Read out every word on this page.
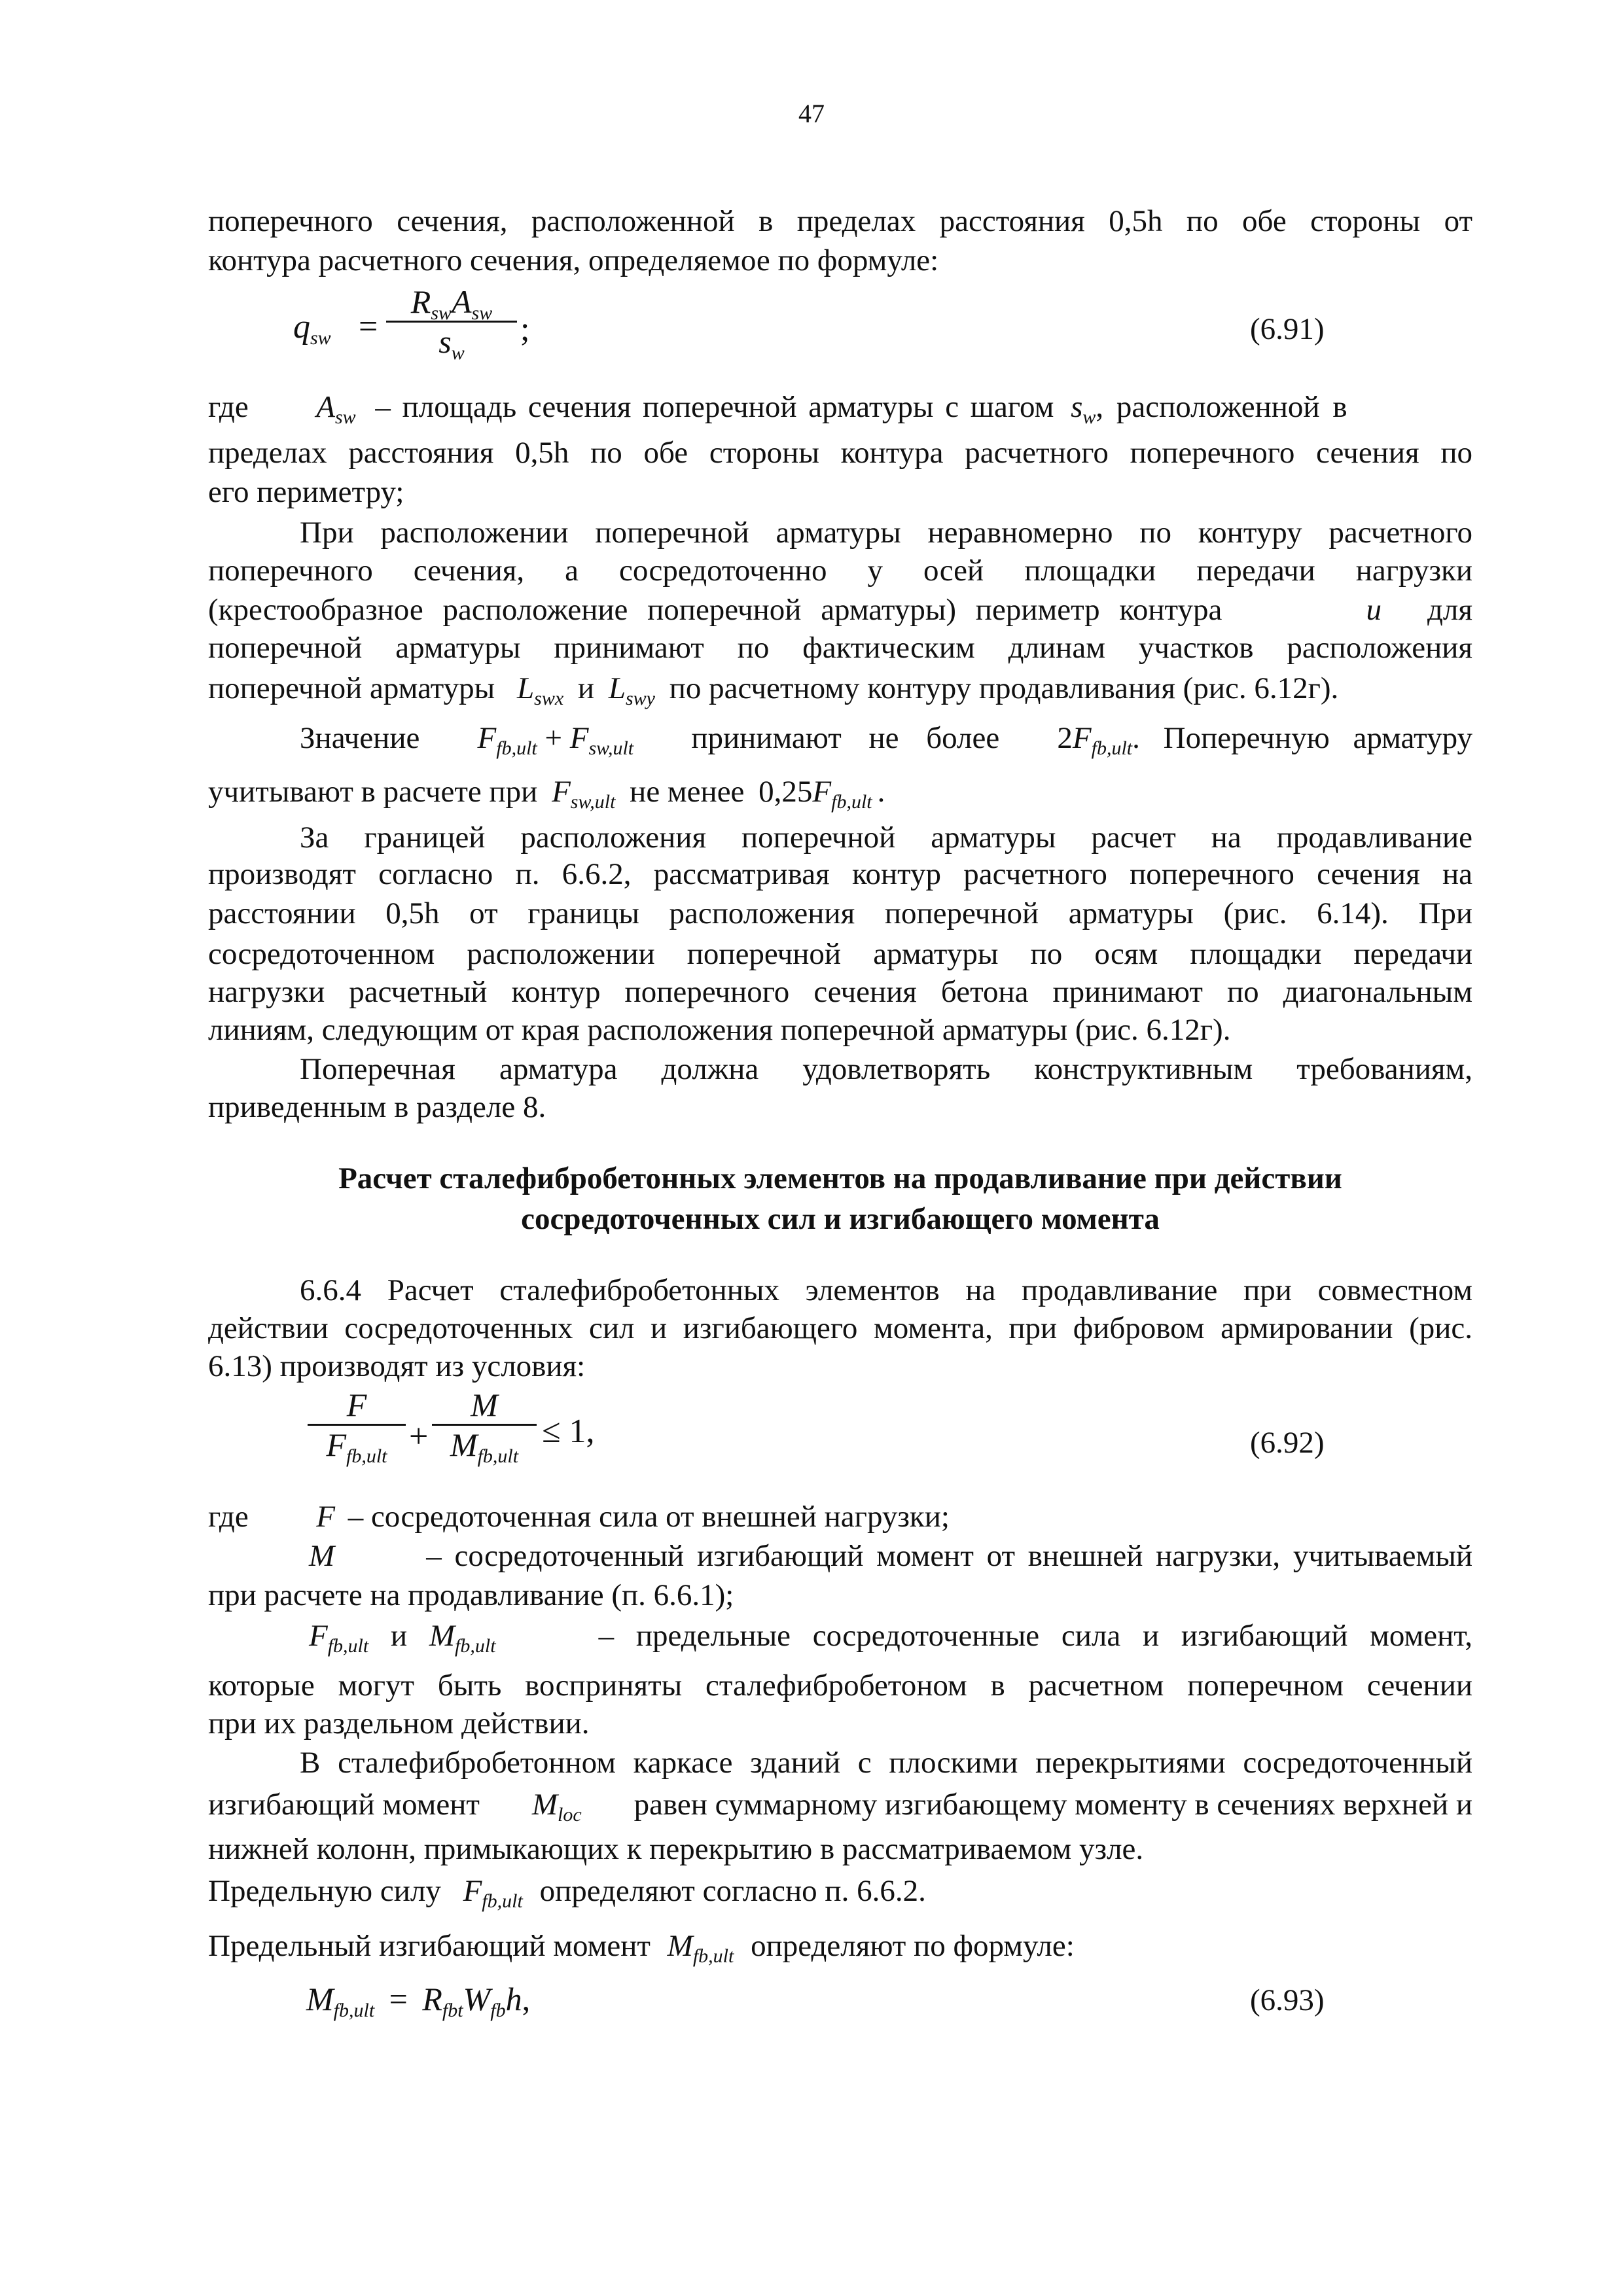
47
поперечного сечения, расположенной в пределах расстояния 0,5h по обе стороны от
контура расчетного сечения, определяемое по формуле:
$q_{sw}$ =
$R_{sw}A_{sw}$
$s_w$
;	(6.91)
где $A_{sw}$ – площадь сечения поперечной арматуры с шагом $s_w$, расположенной в
пределах расстояния 0,5h по обе стороны контура расчетного поперечного сечения по
его периметру;
При расположении поперечной арматуры неравномерно по контуру расчетного
поперечного сечения, а сосредоточенно у осей площадки передачи нагрузки
(крестообразное расположение поперечной арматуры) периметр контура	u для
поперечной арматуры принимают по фактическим длинам участков расположения
поперечной арматуры $L_{swx}$ и $L_{swy}$ по расчетному контуру продавливания (рис. 6.12г).
Значение $F_{fb,ult} + F_{sw,ult}$ принимают не более $2F_{fb,ult}$. Поперечную арматуру
учитывают в расчете при $F_{sw,ult}$ не менее $0,25F_{fb,ult}$ .
За границей расположения поперечной арматуры расчет на продавливание
производят согласно п. 6.6.2, рассматривая контур расчетного поперечного сечения на
расстоянии 0,5h от границы расположения поперечной арматуры (рис. 6.14). При
сосредоточенном расположении поперечной арматуры по осям площадки передачи
нагрузки расчетный контур поперечного сечения бетона принимают по диагональным
линиям, следующим от края расположения поперечной арматуры (рис. 6.12г).
Поперечная арматура должна удовлетворять конструктивным требованиям,
приведенным в разделе 8.
Расчет сталефибробетонных элементов на продавливание при действии
сосредоточенных сил и изгибающего момента
6.6.4 Расчет сталефибробетонных элементов на продавливание при совместном
действии сосредоточенных сил и изгибающего момента, при фибровом армировании (рис.
6.13) производят из условия:
F
$F_{fb,ult}$
+
M
$M_{fb,ult}$
≤ 1,	(6.92)
где F – сосредоточенная сила от внешней нагрузки;
M	– сосредоточенный изгибающий момент от внешней нагрузки, учитываемый
при расчете на продавливание (п. 6.6.1);
$F_{fb,ult}$ и $M_{fb,ult}$	– предельные сосредоточенные сила и изгибающий момент,
которые могут быть восприняты сталефибробетоном в расчетном поперечном сечении
при их раздельном действии.
В сталефибробетонном каркасе зданий с плоскими перекрытиями сосредоточенный
изгибающий момент $M_{loc}$ равен суммарному изгибающему моменту в сечениях верхней и
нижней колонн, примыкающих к перекрытию в рассматриваемом узле.
Предельную силу $F_{fb,ult}$ определяют согласно п. 6.6.2.
Предельный изгибающий момент $M_{fb,ult}$ определяют по формуле:
$M_{fb,ult} = R_{fbt}W_{fb}h$,	(6.93)
